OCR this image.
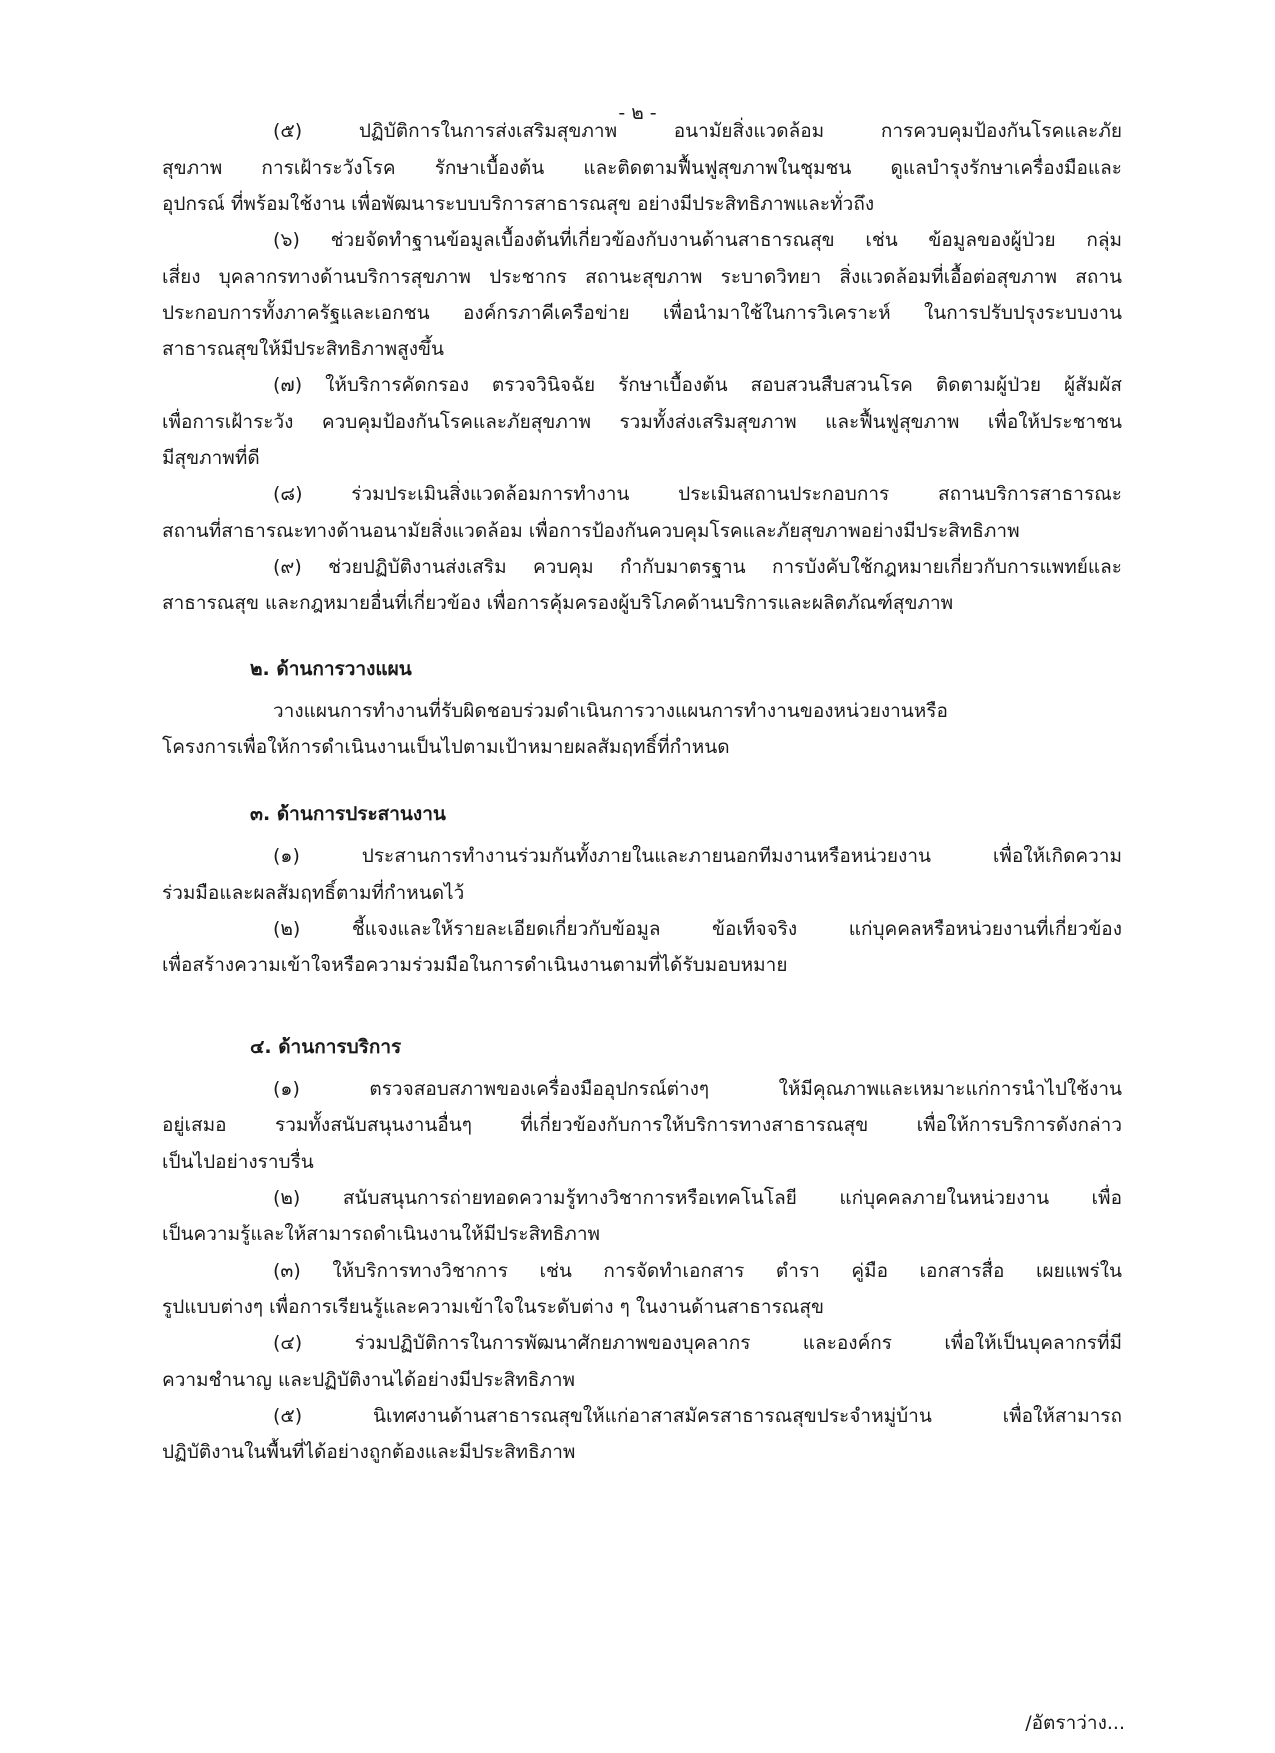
- ๒ -
(๕) ปฏิบัติการในการส่งเสริมสุขภาพ อนามัยสิ่งแวดล้อม การควบคุมป้องกันโรคและภัย
สุขภาพ การเฝ้าระวังโรค รักษาเบื้องต้น และติดตามฟื้นฟูสุขภาพในชุมชน ดูแลบำรุงรักษาเครื่องมือและ
อุปกรณ์ ที่พร้อมใช้งาน เพื่อพัฒนาระบบบริการสาธารณสุข อย่างมีประสิทธิภาพและทั่วถึง
(๖) ช่วยจัดทำฐานข้อมูลเบื้องต้นที่เกี่ยวข้องกับงานด้านสาธารณสุข เช่น ข้อมูลของผู้ป่วย กลุ่ม
เสี่ยง บุคลากรทางด้านบริการสุขภาพ ประชากร สถานะสุขภาพ ระบาดวิทยา สิ่งแวดล้อมที่เอื้อต่อสุขภาพ สถาน
ประกอบการทั้งภาครัฐและเอกชน องค์กรภาคีเครือข่าย เพื่อนำมาใช้ในการวิเคราะห์ ในการปรับปรุงระบบงาน
สาธารณสุขให้มีประสิทธิภาพสูงขึ้น
(๗) ให้บริการคัดกรอง ตรวจวินิจฉัย รักษาเบื้องต้น สอบสวนสืบสวนโรค ติดตามผู้ป่วย ผู้สัมผัส
เพื่อการเฝ้าระวัง ควบคุมป้องกันโรคและภัยสุขภาพ รวมทั้งส่งเสริมสุขภาพ และฟื้นฟูสุขภาพ เพื่อให้ประชาชน
มีสุขภาพที่ดี
(๘) ร่วมประเมินสิ่งแวดล้อมการทำงาน ประเมินสถานประกอบการ สถานบริการสาธารณะ
สถานที่สาธารณะทางด้านอนามัยสิ่งแวดล้อม เพื่อการป้องกันควบคุมโรคและภัยสุขภาพอย่างมีประสิทธิภาพ
(๙) ช่วยปฏิบัติงานส่งเสริม ควบคุม กำกับมาตรฐาน การบังคับใช้กฎหมายเกี่ยวกับการแพทย์และ
สาธารณสุข และกฎหมายอื่นที่เกี่ยวข้อง เพื่อการคุ้มครองผู้บริโภคด้านบริการและผลิตภัณฑ์สุขภาพ
๒. ด้านการวางแผน
วางแผนการทำงานที่รับผิดชอบร่วมดำเนินการวางแผนการทำงานของหน่วยงานหรือ
โครงการเพื่อให้การดำเนินงานเป็นไปตามเป้าหมายผลสัมฤทธิ์ที่กำหนด
๓. ด้านการประสานงาน
(๑) ประสานการทำงานร่วมกันทั้งภายในและภายนอกทีมงานหรือหน่วยงาน เพื่อให้เกิดความ
ร่วมมือและผลสัมฤทธิ์ตามที่กำหนดไว้
(๒) ชี้แจงและให้รายละเอียดเกี่ยวกับข้อมูล ข้อเท็จจริง แก่บุคคลหรือหน่วยงานที่เกี่ยวข้อง
เพื่อสร้างความเข้าใจหรือความร่วมมือในการดำเนินงานตามที่ได้รับมอบหมาย
๔. ด้านการบริการ
(๑) ตรวจสอบสภาพของเครื่องมืออุปกรณ์ต่างๆ ให้มีคุณภาพและเหมาะแก่การนำไปใช้งาน
อยู่เสมอ รวมทั้งสนับสนุนงานอื่นๆ ที่เกี่ยวข้องกับการให้บริการทางสาธารณสุข เพื่อให้การบริการดังกล่าว
เป็นไปอย่างราบรื่น
(๒) สนับสนุนการถ่ายทอดความรู้ทางวิชาการหรือเทคโนโลยี แก่บุคคลภายในหน่วยงาน เพื่อ
เป็นความรู้และให้สามารถดำเนินงานให้มีประสิทธิภาพ
(๓) ให้บริการทางวิชาการ เช่น การจัดทำเอกสาร ตำรา คู่มือ เอกสารสื่อ เผยแพร่ใน
รูปแบบต่างๆ เพื่อการเรียนรู้และความเข้าใจในระดับต่าง ๆ ในงานด้านสาธารณสุข
(๔) ร่วมปฏิบัติการในการพัฒนาศักยภาพของบุคลากร และองค์กร เพื่อให้เป็นบุคลากรที่มี
ความชำนาญ และปฏิบัติงานได้อย่างมีประสิทธิภาพ
(๕) นิเทศงานด้านสาธารณสุขให้แก่อาสาสมัครสาธารณสุขประจำหมู่บ้าน เพื่อให้สามารถ
ปฏิบัติงานในพื้นที่ได้อย่างถูกต้องและมีประสิทธิภาพ
/อัตราว่าง...
